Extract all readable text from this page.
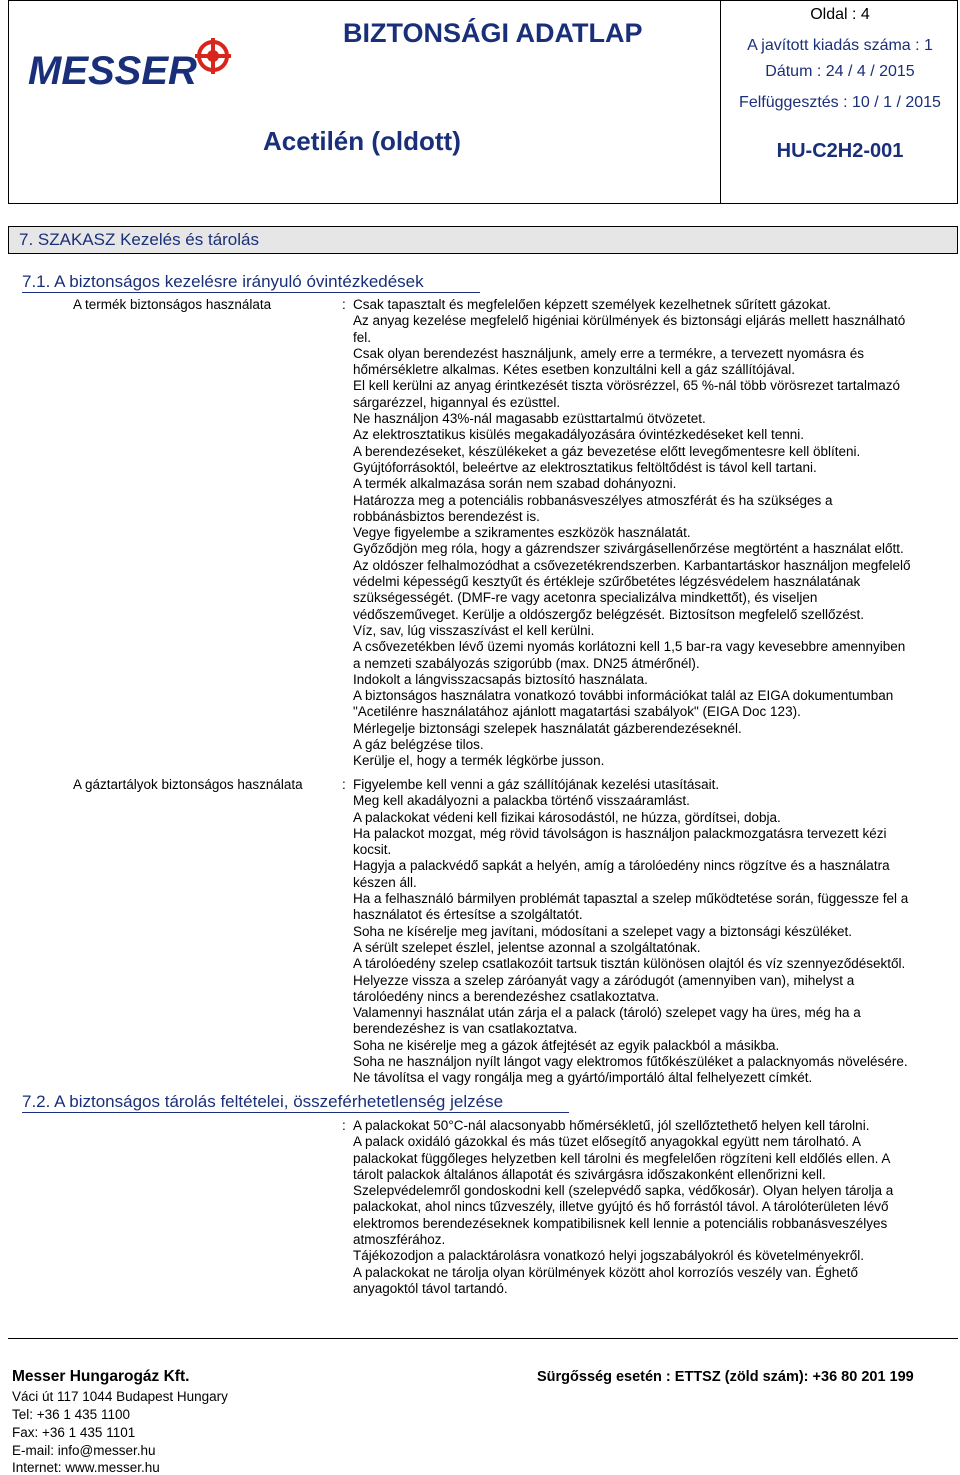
MESSER
BIZTONSÁGI ADATLAP
Acetilén (oldott)
Oldal : 4
A javított kiadás száma : 1
Dátum : 24 / 4 / 2015
Felfüggesztés : 10 / 1 / 2015
HU-C2H2-001
7. SZAKASZ Kezelés és tárolás
7.1. A biztonságos kezelésre irányuló óvintézkedések
A termék biztonságos használata	: Csak tapasztalt és megfelelően képzett személyek kezelhetnek sűrített gázokat.
Az anyag kezelése megfelelő higéniai körülmények és biztonsági eljárás mellett használható
fel.
Csak olyan berendezést használjunk, amely erre a termékre, a tervezett nyomásra és
hőmérsékletre alkalmas. Kétes esetben konzultálni kell a gáz szállítójával.
El kell kerülni az anyag érintkezését tiszta vörösrézzel, 65 %-nál több vörösrezet tartalmazó
sárgarézzel, higannyal és ezüsttel.
Ne használjon 43%-nál magasabb ezüsttartalmú ötvözetet.
Az elektrosztatikus kisülés megakadályozására óvintézkedéseket kell tenni.
A berendezéseket, készülékeket a gáz bevezetése előtt levegőmentesre kell öblíteni.
Gyújtóforrásoktól, beleértve az elektrosztatikus feltöltődést is távol kell tartani.
A termék alkalmazása során nem szabad dohányozni.
Határozza meg a potenciális robbanásveszélyes atmoszférát és ha szükséges a
robbánásbiztos berendezést is.
Vegye figyelembe a szikramentes eszközök használatát.
Győződjön meg róla, hogy a gázrendszer szivárgásellenőrzése megtörtént a használat előtt.
Az oldószer felhalmozódhat a csővezetékrendszerben. Karbantartáskor használjon megfelelő
védelmi képességű kesztyűt és értékleje szűrőbetétes légzésvédelem használatának
szükségességét. (DMF-re vagy acetonra specializálva mindkettőt), és viseljen
védőszeműveget. Kerülje a oldószergőz belégzését. Biztosítson megfelelő szellőzést.
Víz, sav, lúg visszaszívást el kell kerülni.
A csővezetékben lévő üzemi nyomás korlátozni kell 1,5 bar-ra vagy kevesebbre amennyiben
a nemzeti szabályozás szigorúbb (max. DN25 átmérőnél).
Indokolt a lángvisszacsapás biztosító használata.
A biztonságos használatra vonatkozó további információkat talál az EIGA dokumentumban
"Acetilénre használatához ajánlott magatartási szabályok" (EIGA Doc 123).
Mérlegelje biztonsági szelepek használatát gázberendezéseknél.
A gáz belégzése tilos.
Kerülje el, hogy a termék légkörbe jusson.
A gáztartályok biztonságos használata	: Figyelembe kell venni a gáz szállítójának kezelési utasításait.
Meg kell akadályozni a palackba történő visszaáramlást.
A palackokat védeni kell fizikai károsodástól, ne húzza, gördítsei, dobja.
Ha palackot mozgat, még rövid távolságon is használjon palackmozgatásra tervezett kézi
kocsit.
Hagyja a palackvédő sapkát a helyén, amíg a tárolóedény nincs rögzítve és a használatra
készen áll.
Ha a felhasználó bármilyen problémát tapasztal a szelep működtetése során, függessze fel a
használatot és értesítse a szolgáltatót.
Soha ne kísérelje meg javítani, módosítani a szelepet vagy a biztonsági készüléket.
A sérült szelepet észlel, jelentse azonnal a szolgáltatónak.
A tárolóedény szelep csatlakozóit tartsuk tisztán különösen olajtól és víz szennyeződésektől.
Helyezze vissza a szelep záróanyát vagy a záródugót (amennyiben van), mihelyst a
tárolóedény nincs a berendezéshez csatlakoztatva.
Valamennyi használat után zárja el a palack (tároló) szelepet vagy ha üres, még ha a
berendezéshez is van csatlakoztatva.
Soha ne kisérelje meg a gázok átfejtését az egyik palackból a másikba.
Soha ne használjon nyílt lángot vagy elektromos fűtőkészüléket a palacknyomás növelésére.
Ne távolítsa el vagy rongálja meg a gyártó/importáló által felhelyezett címkét.
7.2. A biztonságos tárolás feltételei, összeférhetetlenség jelzése
: A palackokat 50°C-nál alacsonyabb hőmérsékletű, jól szellőztethető helyen kell tárolni.
A palack oxidáló gázokkal és más tüzet elősegítő anyagokkal együtt nem tárolható. A
palackokat függőleges helyzetben kell tárolni és megfelelően rögzíteni kell eldőlés ellen. A
tárolt palackok általános állapotát és szivárgásra időszakonként ellenőrizni kell.
Szelepvédelemről gondoskodni kell (szelepvédő sapka, védőkosár). Olyan helyen tárolja a
palackokat, ahol nincs tűzveszély, illetve gyújtó és hő forrástól távol. A tárolóterületen lévő
elektromos berendezéseknek kompatibilisnek kell lennie a potenciális robbanásveszélyes
atmoszférához.
Tájékozodjon a palacktárolásra vonatkozó helyi jogszabályokról és követelményekről.
A palackokat ne tárolja olyan körülmények között ahol korrozíós veszély van. Éghető
anyagoktól távol tartandó.
Messer Hungarogáz Kft.
Váci út 117 1044 Budapest Hungary
Tel: +36 1 435 1100
Fax: +36 1 435 1101
E-mail: info@messer.hu
Internet: www.messer.hu
Sürgősség esetén : ETTSZ (zöld szám): +36 80 201 199
